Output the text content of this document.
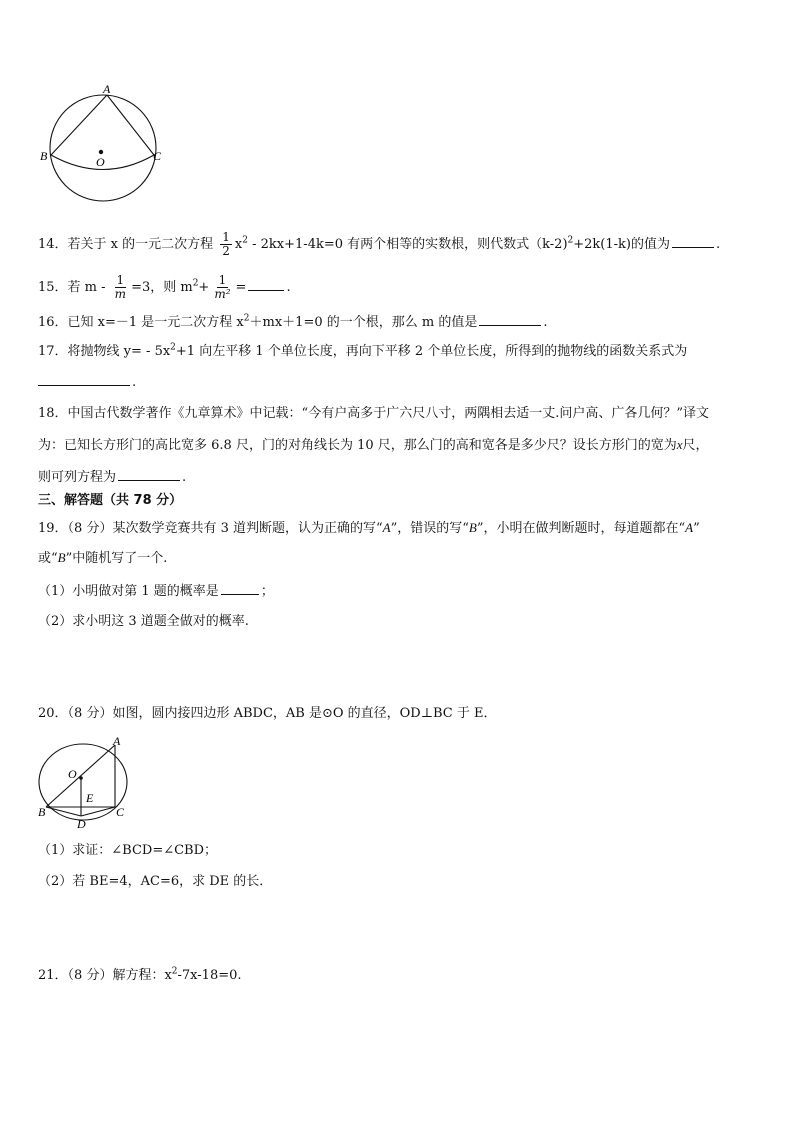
A
B	C
O
14．若关于 x 的一元二次方程 $\frac{1}{2} x^2 - 2kx+1-4k=0$ 有两个相等的实数根，则代数式（k-2)$^2$+2k(1-k)的值为	.
15．若 $m - \frac{1}{m} =3$，则 $m^2+ \frac{1}{\text{m²}}$ =	.
16．已知 x=－1 是一元二次方程 $x^2+mx+1=0$ 的一个根，那么 m 的值是	.
17．将抛物线 $y= - 5x^2+1$ 向左平移 1 个单位长度，再向下平移 2 个单位长度，所得到的抛物线的函数关系式为
.
18．中国古代数学著作《九章算术》中记载：“今有户高多于广六尺八寸，两隅相去适一丈.问户高、广各几何？”译文
为：已知长方形门的高比宽多 6.8 尺，门的对角线长为 10 尺，那么门的高和宽各是多少尺？设长方形门的宽为x尺，
则可列方程为	.
三、解答题（共 78 分）
19．（8 分）某次数学竞赛共有 3 道判断题，认为正确的写“A”，错误的写“B”，小明在做判断题时，每道题都在“A”
或“B”中随机写了一个.
（1）小明做对第 1 题的概率是	；
（2）求小明这 3 道题全做对的概率.
20．（8 分）如图，圆内接四边形 ABDC，AB 是⊙O 的直径，OD⊥BC 于 E．
A
O
E
B	C
D
（1）求证：∠BCD=∠CBD；
（2）若 BE=4，AC=6，求 DE 的长．
21．（8 分）解方程：$x^2-7x-18=0$.
